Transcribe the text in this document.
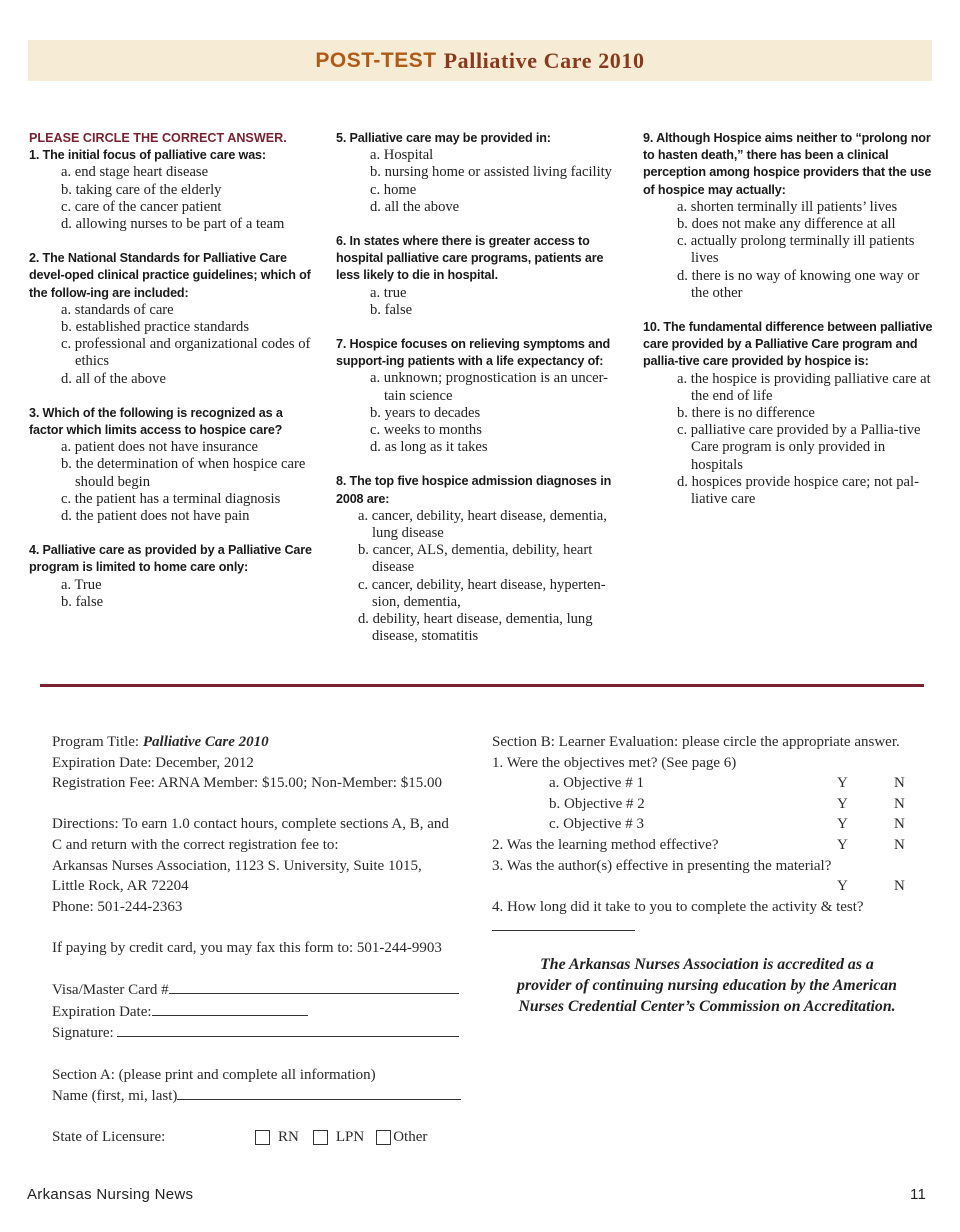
POST-TEST Palliative Care 2010
PLEASE CIRCLE THE CORRECT ANSWER.
1. The initial focus of palliative care was:
a. end stage heart disease
b. taking care of the elderly
c. care of the cancer patient
d. allowing nurses to be part of a team
2. The National Standards for Palliative Care devel-oped clinical practice guidelines; which of the follow-ing are included:
a. standards of care
b. established practice standards
c. professional and organizational codes of ethics
d. all of the above
3. Which of the following is recognized as a factor which limits access to hospice care?
a. patient does not have insurance
b. the determination of when hospice care should begin
c. the patient has a terminal diagnosis
d. the patient does not have pain
4. Palliative care as provided by a Palliative Care program is limited to home care only:
a. True
b. false
5. Palliative care may be provided in:
a. Hospital
b. nursing home or assisted living facility
c. home
d. all the above
6. In states where there is greater access to hospital palliative care programs, patients are less likely to die in hospital.
a. true
b. false
7. Hospice focuses on relieving symptoms and support-ing patients with a life expectancy of:
a. unknown; prognostication is an uncer-tain science
b. years to decades
c. weeks to months
d. as long as it takes
8. The top five hospice admission diagnoses in 2008 are:
a. cancer, debility, heart disease, dementia, lung disease
b. cancer, ALS, dementia, debility, heart disease
c. cancer, debility, heart disease, hyperten-sion, dementia,
d. debility, heart disease, dementia, lung disease, stomatitis
9. Although Hospice aims neither to “prolong nor to hasten death,” there has been a clinical perception among hospice providers that the use of hospice may actually:
a. shorten terminally ill patients’ lives
b. does not make any difference at all
c. actually prolong terminally ill patients lives
d. there is no way of knowing one way or the other
10. The fundamental difference between palliative care provided by a Palliative Care program and pallia-tive care provided by hospice is:
a. the hospice is providing palliative care at the end of life
b. there is no difference
c. palliative care provided by a Pallia-tive Care program is only provided in hospitals
d. hospices provide hospice care; not pal-liative care
Program Title: Palliative Care 2010
Expiration Date: December, 2012
Registration Fee: ARNA Member: $15.00; Non-Member: $15.00
Directions: To earn 1.0 contact hours, complete sections A, B, and
C and return with the correct registration fee to:
Arkansas Nurses Association, 1123 S. University, Suite 1015,
Little Rock, AR 72204
Phone: 501-244-2363
If paying by credit card, you may fax this form to: 501-244-9903
Visa/Master Card #
Expiration Date:
Signature:
Section A: (please print and complete all information)
Name (first, mi, last)
State of Licensure:	RN LPN Other
Section B: Learner Evaluation: please circle the appropriate answer.
1. Were the objectives met? (See page 6)
a. Objective # 1	Y	N
b. Objective # 2	Y	N
c. Objective # 3	Y	N
2. Was the learning method effective?	Y	N
3. Was the author(s) effective in presenting the material?
Y	N
4. How long did it take to you to complete the activity & test?
The Arkansas Nurses Association is accredited as a
provider of continuing nursing education by the American
Nurses Credential Center’s Commission on Accreditation.
Arkansas Nursing News	11
